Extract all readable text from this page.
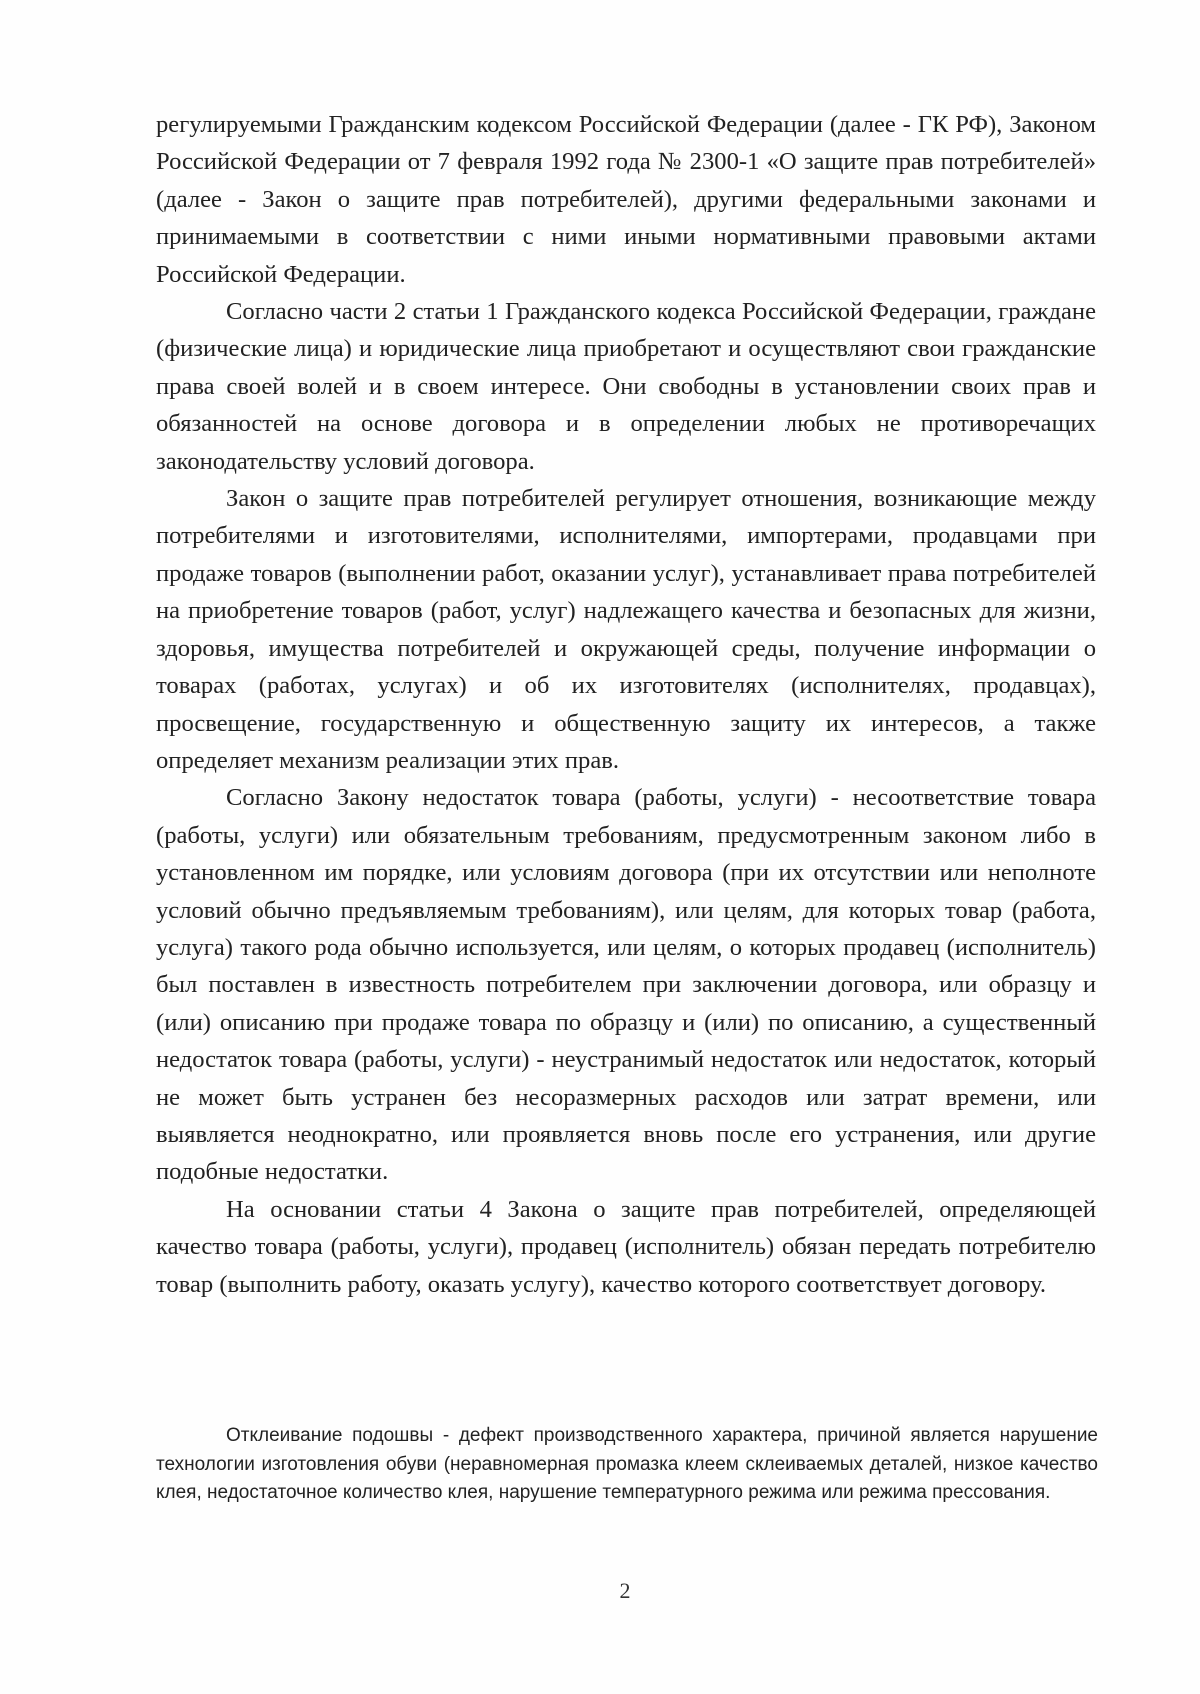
регулируемыми Гражданским кодексом Российской Федерации (далее - ГК РФ), Законом Российской Федерации от 7 февраля 1992 года № 2300-1 «О защите прав потребителей» (далее - Закон о защите прав потребителей), другими федеральными законами и принимаемыми в соответствии с ними иными нормативными правовыми актами Российской Федерации.

Согласно части 2 статьи 1 Гражданского кодекса Российской Федерации, граждане (физические лица) и юридические лица приобретают и осуществляют свои гражданские права своей волей и в своем интересе. Они свободны в установлении своих прав и обязанностей на основе договора и в определении любых не противоречащих законодательству условий договора.

Закон о защите прав потребителей регулирует отношения, возникающие между потребителями и изготовителями, исполнителями, импортерами, продавцами при продаже товаров (выполнении работ, оказании услуг), устанавливает права потребителей на приобретение товаров (работ, услуг) надлежащего качества и безопасных для жизни, здоровья, имущества потребителей и окружающей среды, получение информации о товарах (работах, услугах) и об их изготовителях (исполнителях, продавцах), просвещение, государственную и общественную защиту их интересов, а также определяет механизм реализации этих прав.

Согласно Закону недостаток товара (работы, услуги) - несоответствие товара (работы, услуги) или обязательным требованиям, предусмотренным законом либо в установленном им порядке, или условиям договора (при их отсутствии или неполноте условий обычно предъявляемым требованиям), или целям, для которых товар (работа, услуга) такого рода обычно используется, или целям, о которых продавец (исполнитель) был поставлен в известность потребителем при заключении договора, или образцу и (или) описанию при продаже товара по образцу и (или) по описанию, а существенный недостаток товара (работы, услуги) - неустранимый недостаток или недостаток, который не может быть устранен без несоразмерных расходов или затрат времени, или выявляется неоднократно, или проявляется вновь после его устранения, или другие подобные недостатки.

На основании статьи 4 Закона о защите прав потребителей, определяющей качество товара (работы, услуги), продавец (исполнитель) обязан передать потребителю товар (выполнить работу, оказать услугу), качество которого соответствует договору.

Отклеивание подошвы - дефект производственного характера, причиной является нарушение технологии изготовления обуви (неравномерная промазка клеем склеиваемых деталей, низкое качество клея, недостаточное количество клея, нарушение температурного режима или режима прессования.

2
